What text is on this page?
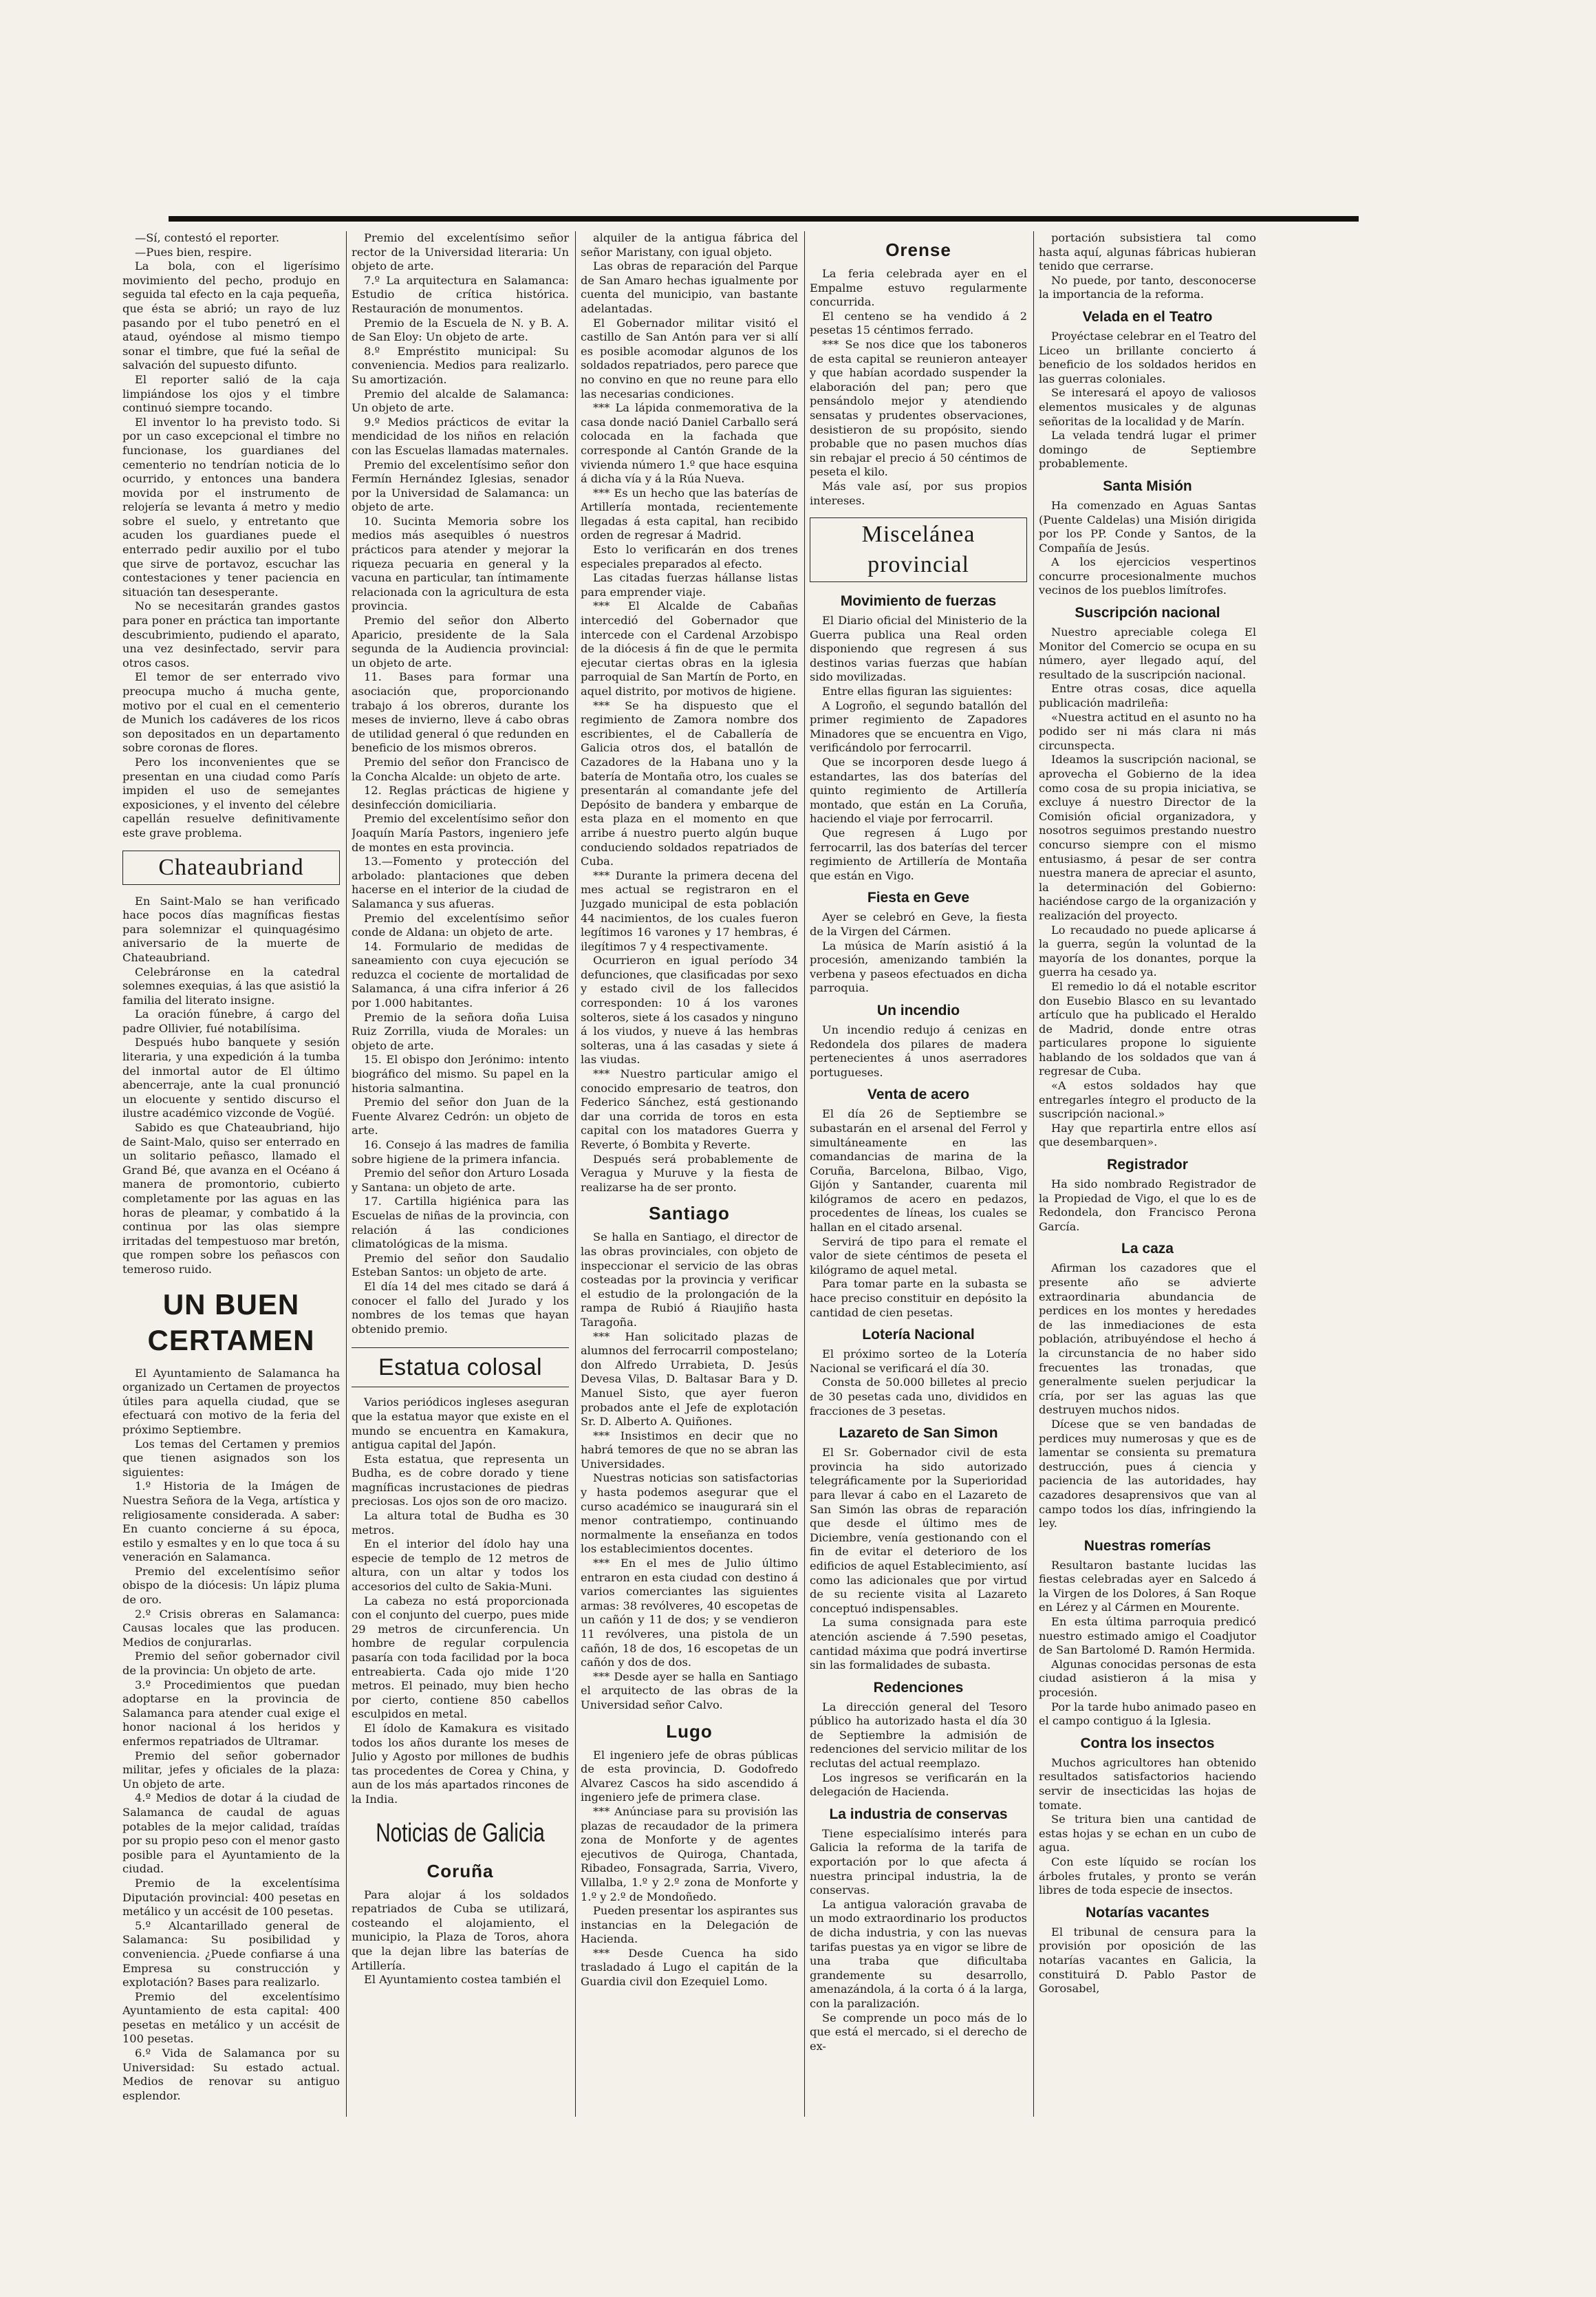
—Sí, contestó el reporter.

—Pues bien, respire.

La bola, con el ligerísimo movimiento del pecho, produjo en seguida tal efecto en la caja pequeña, que ésta se abrió; un rayo de luz pasando por el tubo penetró en el ataud, oyéndose al mismo tiempo sonar el timbre, que fué la señal de salvación del supuesto difunto.

El reporter salió de la caja limpiándose los ojos y el timbre continuó siempre tocando.

El inventor lo ha previsto todo. Si por un caso excepcional el timbre no funcionase, los guardianes del cementerio no tendrían noticia de lo ocurrido, y entonces una bandera movida por el instrumento de relojería se levanta á metro y medio sobre el suelo, y entretanto que acuden los guardianes puede el enterrado pedir auxilio por el tubo que sirve de portavoz, escuchar las contestaciones y tener paciencia en situación tan desesperante.

No se necesitarán grandes gastos para poner en práctica tan importante descubrimiento, pudiendo el aparato, una vez desinfectado, servir para otros casos.

El temor de ser enterrado vivo preocupa mucho á mucha gente, motivo por el cual en el cementerio de Munich los cadáveres de los ricos son depositados en un departamento sobre coronas de flores.

Pero los inconvenientes que se presentan en una ciudad como París impiden el uso de semejantes exposiciones, y el invento del célebre capellán resuelve definitivamente este grave problema.

Chateaubriand

En Saint-Malo se han verificado hace pocos días magníficas fiestas para solemnizar el quinquagésimo aniversario de la muerte de Chateaubriand.

Celebráronse en la catedral solemnes exequias, á las que asistió la familia del literato insigne.

La oración fúnebre, á cargo del padre Ollivier, fué notabilísima.

Después hubo banquete y sesión literaria, y una expedición á la tumba del inmortal autor de El último abencerraje, ante la cual pronunció un elocuente y sentido discurso el ilustre académico vizconde de Vogüé.

Sabido es que Chateaubriand, hijo de Saint-Malo, quiso ser enterrado en un solitario peñasco, llamado el Grand Bé, que avanza en el Océano á manera de promontorio, cubierto completamente por las aguas en las horas de pleamar, y combatido á la continua por las olas siempre irritadas del tempestuoso mar bretón, que rompen sobre los peñascos con temeroso ruido.

UN BUEN CERTAMEN

El Ayuntamiento de Salamanca ha organizado un Certamen de proyectos útiles para aquella ciudad, que se efectuará con motivo de la feria del próximo Septiembre.

Los temas del Certamen y premios que tienen asignados son los siguientes:

1.º Historia de la Imágen de Nuestra Señora de la Vega, artística y religiosamente considerada. A saber: En cuanto concierne á su época, estilo y esmaltes y en lo que toca á su veneración en Salamanca.

Premio del excelentísimo señor obispo de la diócesis: Un lápiz pluma de oro.

2.º Crisis obreras en Salamanca: Causas locales que las producen. Medios de conjurarlas.

Premio del señor gobernador civil de la provincia: Un objeto de arte.

3.º Procedimientos que puedan adoptarse en la provincia de Salamanca para atender cual exige el honor nacional á los heridos y enfermos repatriados de Ultramar.

Premio del señor gobernador militar, jefes y oficiales de la plaza: Un objeto de arte.

4.º Medios de dotar á la ciudad de Salamanca de caudal de aguas potables de la mejor calidad, traídas por su propio peso con el menor gasto posible para el Ayuntamiento de la ciudad.

Premio de la excelentísima Diputación provincial: 400 pesetas en metálico y un accésit de 100 pesetas.

5.º Alcantarillado general de Salamanca: Su posibilidad y conveniencia. ¿Puede confiarse á una Empresa su construcción y explotación? Bases para realizarlo.

Premio del excelentísimo Ayuntamiento de esta capital: 400 pesetas en metálico y un accésit de 100 pesetas.

6.º Vida de Salamanca por su Universidad: Su estado actual. Medios de renovar su antiguo esplendor.

Premio del excelentísimo señor rector de la Universidad literaria: Un objeto de arte.

7.º La arquitectura en Salamanca: Estudio de crítica histórica. Restauración de monumentos.

Premio de la Escuela de N. y B. A. de San Eloy: Un objeto de arte.

8.º Empréstito municipal: Su conveniencia. Medios para realizarlo. Su amortización.

Premio del alcalde de Salamanca: Un objeto de arte.

9.º Medios prácticos de evitar la mendicidad de los niños en relación con las Escuelas llamadas maternales.

Premio del excelentísimo señor don Fermín Hernández Iglesias, senador por la Universidad de Salamanca: un objeto de arte.

10. Sucinta Memoria sobre los medios más asequibles ó nuestros prácticos para atender y mejorar la riqueza pecuaria en general y la vacuna en particular, tan íntimamente relacionada con la agricultura de esta provincia.

Premio del señor don Alberto Aparicio, presidente de la Sala segunda de la Audiencia provincial: un objeto de arte.

11. Bases para formar una asociación que, proporcionando trabajo á los obreros, durante los meses de invierno, lleve á cabo obras de utilidad general ó que redunden en beneficio de los mismos obreros.

Premio del señor don Francisco de la Concha Alcalde: un objeto de arte.

12. Reglas prácticas de higiene y desinfección domiciliaria.

Premio del excelentísimo señor don Joaquín María Pastors, ingeniero jefe de montes en esta provincia.

13.—Fomento y protección del arbolado: plantaciones que deben hacerse en el interior de la ciudad de Salamanca y sus afueras.

Premio del excelentísimo señor conde de Aldana: un objeto de arte.

14. Formulario de medidas de saneamiento con cuya ejecución se reduzca el cociente de mortalidad de Salamanca, á una cifra inferior á 26 por 1.000 habitantes.

Premio de la señora doña Luisa Ruiz Zorrilla, viuda de Morales: un objeto de arte.

15. El obispo don Jerónimo: intento biográfico del mismo. Su papel en la historia salmantina.

Premio del señor don Juan de la Fuente Alvarez Cedrón: un objeto de arte.

16. Consejo á las madres de familia sobre higiene de la primera infancia.

Premio del señor don Arturo Losada y Santana: un objeto de arte.

17. Cartilla higiénica para las Escuelas de niñas de la provincia, con relación á las condiciones climatológicas de la misma.

Premio del señor don Saudalio Esteban Santos: un objeto de arte.

El día 14 del mes citado se dará á conocer el fallo del Jurado y los nombres de los temas que hayan obtenido premio.

Estatua colosal

Varios periódicos ingleses aseguran que la estatua mayor que existe en el mundo se encuentra en Kamakura, antigua capital del Japón.

Esta estatua, que representa un Budha, es de cobre dorado y tiene magníficas incrustaciones de piedras preciosas. Los ojos son de oro macizo.

La altura total de Budha es 30 metros.

En el interior del ídolo hay una especie de templo de 12 metros de altura, con un altar y todos los accesorios del culto de Sakia-Muni.

La cabeza no está proporcionada con el conjunto del cuerpo, pues mide 29 metros de circunferencia. Un hombre de regular corpulencia pasaría con toda facilidad por la boca entreabierta. Cada ojo mide 1'20 metros. El peinado, muy bien hecho por cierto, contiene 850 cabellos esculpidos en metal.

El ídolo de Kamakura es visitado todos los años durante los meses de Julio y Agosto por millones de budhis tas procedentes de Corea y China, y aun de los más apartados rincones de la India.

Noticias de Galicia
Coruña

Para alojar á los soldados repatriados de Cuba se utilizará, costeando el alojamiento, el municipio, la Plaza de Toros, ahora que la dejan libre las baterías de Artillería.

El Ayuntamiento costea también el

alquiler de la antigua fábrica del señor Maristany, con igual objeto.

Las obras de reparación del Parque de San Amaro hechas igualmente por cuenta del municipio, van bastante adelantadas.

El Gobernador militar visitó el castillo de San Antón para ver si allí es posible acomodar algunos de los soldados repatriados, pero parece que no convino en que no reune para ello las necesarias condiciones.

*** La lápida conmemorativa de la casa donde nació Daniel Carballo será colocada en la fachada que corresponde al Cantón Grande de la vivienda número 1.º que hace esquina á dicha vía y á la Rúa Nueva.

*** Es un hecho que las baterías de Artillería montada, recientemente llegadas á esta capital, han recibido orden de regresar á Madrid.

Esto lo verificarán en dos trenes especiales preparados al efecto.

Las citadas fuerzas hállanse listas para emprender viaje.

*** El Alcalde de Cabañas intercedió del Gobernador que intercede con el Cardenal Arzobispo de la diócesis á fin de que le permita ejecutar ciertas obras en la iglesia parroquial de San Martín de Porto, en aquel distrito, por motivos de higiene.

*** Se ha dispuesto que el regimiento de Zamora nombre dos escribientes, el de Caballería de Galicia otros dos, el batallón de Cazadores de la Habana uno y la batería de Montaña otro, los cuales se presentarán al comandante jefe del Depósito de bandera y embarque de esta plaza en el momento en que arribe á nuestro puerto algún buque conduciendo soldados repatriados de Cuba.

*** Durante la primera decena del mes actual se registraron en el Juzgado municipal de esta población 44 nacimientos, de los cuales fueron legítimos 16 varones y 17 hembras, é ilegítimos 7 y 4 respectivamente.

Ocurrieron en igual período 34 defunciones, que clasificadas por sexo y estado civil de los fallecidos corresponden: 10 á los varones solteros, siete á los casados y ninguno á los viudos, y nueve á las hembras solteras, una á las casadas y siete á las viudas.

*** Nuestro particular amigo el conocido empresario de teatros, don Federico Sánchez, está gestionando dar una corrida de toros en esta capital con los matadores Guerra y Reverte, ó Bombita y Reverte.

Después será probablemente de Veragua y Muruve y la fiesta de realizarse ha de ser pronto.

Santiago

Se halla en Santiago, el director de las obras provinciales, con objeto de inspeccionar el servicio de las obras costeadas por la provincia y verificar el estudio de la prolongación de la rampa de Rubió á Riaujiño hasta Taragoña.

*** Han solicitado plazas de alumnos del ferrocarril compostelano; don Alfredo Urrabieta, D. Jesús Devesa Vilas, D. Baltasar Bara y D. Manuel Sisto, que ayer fueron probados ante el Jefe de explotación Sr. D. Alberto A. Quiñones.

*** Insistimos en decir que no habrá temores de que no se abran las Universidades.

Nuestras noticias son satisfactorias y hasta podemos asegurar que el curso académico se inaugurará sin el menor contratiempo, continuando normalmente la enseñanza en todos los establecimientos docentes.

*** En el mes de Julio último entraron en esta ciudad con destino á varios comerciantes las siguientes armas: 38 revólveres, 40 escopetas de un cañón y 11 de dos; y se vendieron 11 revólveres, una pistola de un cañón, 18 de dos, 16 escopetas de un cañón y dos de dos.

*** Desde ayer se halla en Santiago el arquitecto de las obras de la Universidad señor Calvo.

Lugo

El ingeniero jefe de obras públicas de esta provincia, D. Godofredo Alvarez Cascos ha sido ascendido á ingeniero jefe de primera clase.

*** Anúnciase para su provisión las plazas de recaudador de la primera zona de Monforte y de agentes ejecutivos de Quiroga, Chantada, Ribadeo, Fonsagrada, Sarria, Vivero, Villalba, 1.º y 2.º zona de Monforte y 1.º y 2.º de Mondoñedo.

Pueden presentar los aspirantes sus instancias en la Delegación de Hacienda.

*** Desde Cuenca ha sido trasladado á Lugo el capitán de la Guardia civil don Ezequiel Lomo.

Orense

La feria celebrada ayer en el Empalme estuvo regularmente concurrida.

El centeno se ha vendido á 2 pesetas 15 céntimos ferrado.

*** Se nos dice que los taboneros de esta capital se reunieron anteayer y que habían acordado suspender la elaboración del pan; pero que pensándolo mejor y atendiendo sensatas y prudentes observaciones, desistieron de su propósito, siendo probable que no pasen muchos días sin rebajar el precio á 50 céntimos de peseta el kilo.

Más vale así, por sus propios intereses.

Miscelánea provincial
Movimiento de fuerzas

El Diario oficial del Ministerio de la Guerra publica una Real orden disponiendo que regresen á sus destinos varias fuerzas que habían sido movilizadas.

Entre ellas figuran las siguientes:

A Logroño, el segundo batallón del primer regimiento de Zapadores Minadores que se encuentra en Vigo, verificándolo por ferrocarril.

Que se incorporen desde luego á estandartes, las dos baterías del quinto regimiento de Artillería montado, que están en La Coruña, haciendo el viaje por ferrocarril.

Que regresen á Lugo por ferrocarril, las dos baterías del tercer regimiento de Artillería de Montaña que están en Vigo.

Fiesta en Geve

Ayer se celebró en Geve, la fiesta de la Virgen del Cármen.

La música de Marín asistió á la procesión, amenizando también la verbena y paseos efectuados en dicha parroquia.

Un incendio

Un incendio redujo á cenizas en Redondela dos pilares de madera pertenecientes á unos aserradores portugueses.

Venta de acero

El día 26 de Septiembre se subastarán en el arsenal del Ferrol y simultáneamente en las comandancias de marina de la Coruña, Barcelona, Bilbao, Vigo, Gijón y Santander, cuarenta mil kilógramos de acero en pedazos, procedentes de líneas, los cuales se hallan en el citado arsenal.

Servirá de tipo para el remate el valor de siete céntimos de peseta el kilógramo de aquel metal.

Para tomar parte en la subasta se hace preciso constituir en depósito la cantidad de cien pesetas.

Lotería Nacional

El próximo sorteo de la Lotería Nacional se verificará el día 30.

Consta de 50.000 billetes al precio de 30 pesetas cada uno, divididos en fracciones de 3 pesetas.

Lazareto de San Simon

El Sr. Gobernador civil de esta provincia ha sido autorizado telegráficamente por la Superioridad para llevar á cabo en el Lazareto de San Simón las obras de reparación que desde el último mes de Diciembre, venía gestionando con el fin de evitar el deterioro de los edificios de aquel Establecimiento, así como las adicionales que por virtud de su reciente visita al Lazareto conceptuó indispensables.

La suma consignada para este atención asciende á 7.590 pesetas, cantidad máxima que podrá invertirse sin las formalidades de subasta.

Redenciones

La dirección general del Tesoro público ha autorizado hasta el día 30 de Septiembre la admisión de redenciones del servicio militar de los reclutas del actual reemplazo.

Los ingresos se verificarán en la delegación de Hacienda.

La industria de conservas

Tiene especialísimo interés para Galicia la reforma de la tarifa de exportación por lo que afecta á nuestra principal industria, la de conservas.

La antigua valoración gravaba de un modo extraordinario los productos de dicha industria, y con las nuevas tarifas puestas ya en vigor se libre de una traba que dificultaba grandemente su desarrollo, amenazándola, á la corta ó á la larga, con la paralización.

Se comprende un poco más de lo que está el mercado, si el derecho de ex-

portación subsistiera tal como hasta aquí, algunas fábricas hubieran tenido que cerrarse.

No puede, por tanto, desconocerse la importancia de la reforma.

Velada en el Teatro

Proyéctase celebrar en el Teatro del Liceo un brillante concierto á beneficio de los soldados heridos en las guerras coloniales.

Se interesará el apoyo de valiosos elementos musicales y de algunas señoritas de la localidad y de Marín.

La velada tendrá lugar el primer domingo de Septiembre probablemente.

Santa Misión

Ha comenzado en Aguas Santas (Puente Caldelas) una Misión dirigida por los PP. Conde y Santos, de la Compañía de Jesús.

A los ejercicios vespertinos concurre procesionalmente muchos vecinos de los pueblos limítrofes.

Suscripción nacional

Nuestro apreciable colega El Monitor del Comercio se ocupa en su número, ayer llegado aquí, del resultado de la suscripción nacional.

Entre otras cosas, dice aquella publicación madrileña:

«Nuestra actitud en el asunto no ha podido ser ni más clara ni más circunspecta.

Ideamos la suscripción nacional, se aprovecha el Gobierno de la idea como cosa de su propia iniciativa, se excluye á nuestro Director de la Comisión oficial organizadora, y nosotros seguimos prestando nuestro concurso siempre con el mismo entusiasmo, á pesar de ser contra nuestra manera de apreciar el asunto, la determinación del Gobierno: haciéndose cargo de la organización y realización del proyecto.

Lo recaudado no puede aplicarse á la guerra, según la voluntad de la mayoría de los donantes, porque la guerra ha cesado ya.

El remedio lo dá el notable escritor don Eusebio Blasco en su levantado artículo que ha publicado el Heraldo de Madrid, donde entre otras particulares propone lo siguiente hablando de los soldados que van á regresar de Cuba.

«A estos soldados hay que entregarles íntegro el producto de la suscripción nacional.»

Hay que repartirla entre ellos así que desembarquen».

Registrador

Ha sido nombrado Registrador de la Propiedad de Vigo, el que lo es de Redondela, don Francisco Perona García.

La caza

Afirman los cazadores que el presente año se advierte extraordinaria abundancia de perdices en los montes y heredades de las inmediaciones de esta población, atribuyéndose el hecho á la circunstancia de no haber sido frecuentes las tronadas, que generalmente suelen perjudicar la cría, por ser las aguas las que destruyen muchos nidos.

Dícese que se ven bandadas de perdices muy numerosas y que es de lamentar se consienta su prematura destrucción, pues á ciencia y paciencia de las autoridades, hay cazadores desaprensivos que van al campo todos los días, infringiendo la ley.

Nuestras romerías

Resultaron bastante lucidas las fiestas celebradas ayer en Salcedo á la Virgen de los Dolores, á San Roque en Lérez y al Cármen en Mourente.

En esta última parroquia predicó nuestro estimado amigo el Coadjutor de San Bartolomé D. Ramón Hermida.

Algunas conocidas personas de esta ciudad asistieron á la misa y procesión.

Por la tarde hubo animado paseo en el campo contiguo á la Iglesia.

Contra los insectos

Muchos agricultores han obtenido resultados satisfactorios haciendo servir de insecticidas las hojas de tomate.

Se tritura bien una cantidad de estas hojas y se echan en un cubo de agua.

Con este líquido se rocían los árboles frutales, y pronto se verán libres de toda especie de insectos.

Notarías vacantes

El tribunal de censura para la provisión por oposición de las notarías vacantes en Galicia, la constituirá D. Pablo Pastor de Gorosabel,
